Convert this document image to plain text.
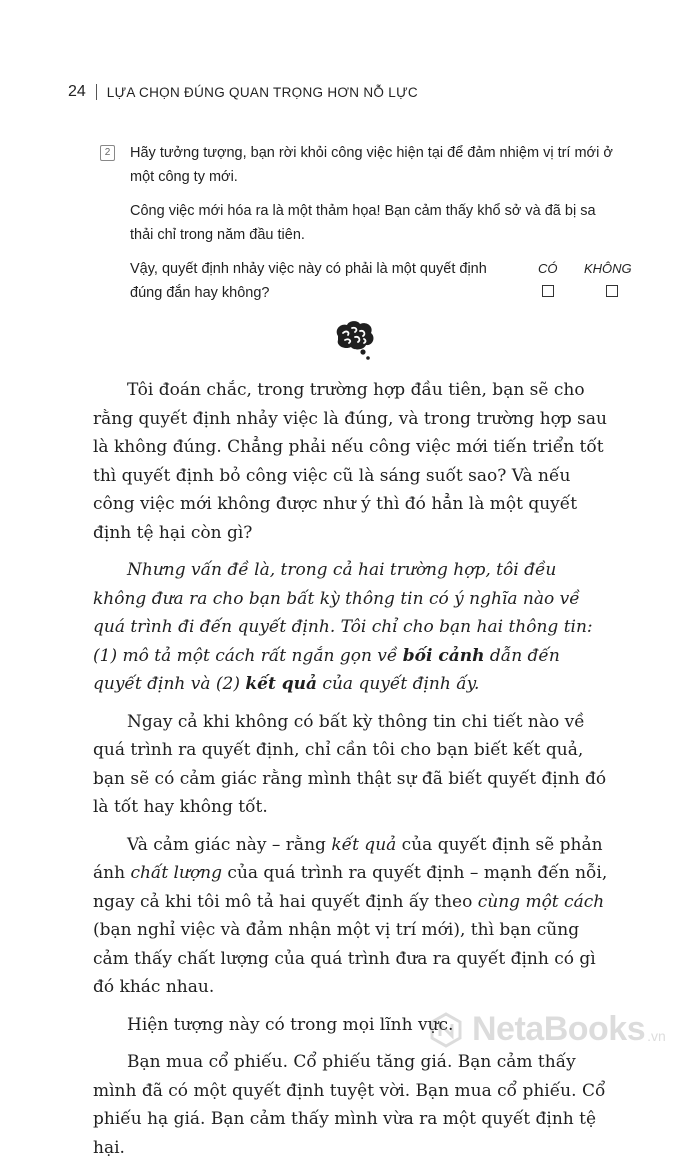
24 LỰA CHỌN ĐÚNG QUAN TRỌNG HƠN NỖ LỰC
2	Hãy tưởng tượng, bạn rời khỏi công việc hiện tại để đảm nhiệm vị trí mới ở một công ty mới.

Công việc mới hóa ra là một thảm họa! Bạn cảm thấy khổ sở và đã bị sa thải chỉ trong năm đầu tiên.

Vậy, quyết định nhảy việc này có phải là một quyết định đúng đắn hay không?
CÓ KHÔNG

Tôi đoán chắc, trong trường hợp đầu tiên, bạn sẽ cho rằng quyết định nhảy việc là đúng, và trong trường hợp sau là không đúng. Chẳng phải nếu công việc mới tiến triển tốt thì quyết định bỏ công việc cũ là sáng suốt sao? Và nếu công việc mới không được như ý thì đó hẳn là một quyết định tệ hại còn gì?

Nhưng vấn đề là, trong cả hai trường hợp, tôi đều không đưa ra cho bạn bất kỳ thông tin có ý nghĩa nào về quá trình đi đến quyết định. Tôi chỉ cho bạn hai thông tin: (1) mô tả một cách rất ngắn gọn về bối cảnh dẫn đến quyết định và (2) kết quả của quyết định ấy.

Ngay cả khi không có bất kỳ thông tin chi tiết nào về quá trình ra quyết định, chỉ cần tôi cho bạn biết kết quả, bạn sẽ có cảm giác rằng mình thật sự đã biết quyết định đó là tốt hay không tốt.

Và cảm giác này – rằng kết quả của quyết định sẽ phản ánh chất lượng của quá trình ra quyết định – mạnh đến nỗi, ngay cả khi tôi mô tả hai quyết định ấy theo cùng một cách (bạn nghỉ việc và đảm nhận một vị trí mới), thì bạn cũng cảm thấy chất lượng của quá trình đưa ra quyết định có gì đó khác nhau.

Hiện tượng này có trong mọi lĩnh vực.

Bạn mua cổ phiếu. Cổ phiếu tăng giá. Bạn cảm thấy mình đã có một quyết định tuyệt vời. Bạn mua cổ phiếu. Cổ phiếu hạ giá. Bạn cảm thấy mình vừa ra một quyết định tệ hại.

NetaBooks .vn
